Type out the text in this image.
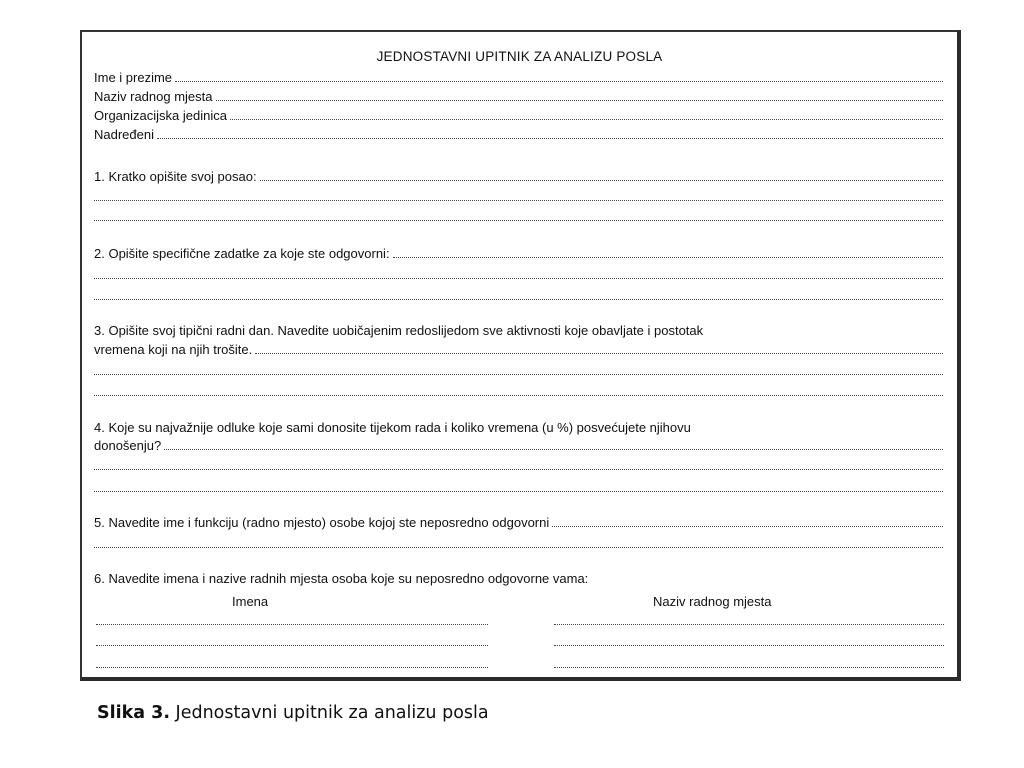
JEDNOSTAVNI UPITNIK ZA ANALIZU POSLA
Ime i prezime
Naziv radnog mjesta
Organizacijska jedinica
Nadređeni
1. Kratko opišite svoj posao:
2. Opišite specifične zadatke za koje ste odgovorni:
3. Opišite svoj tipični radni dan. Navedite uobičajenim redoslijedom sve aktivnosti koje obavljate i postotak
vremena koji na njih trošite.
4. Koje su najvažnije odluke koje sami donosite tijekom rada i koliko vremena (u %) posvećujete njihovu
donošenju?
5. Navedite ime i funkciju (radno mjesto) osobe kojoj ste neposredno odgovorni
6. Navedite imena i nazive radnih mjesta osoba koje su neposredno odgovorne vama:
Imena	Naziv radnog mjesta
Slika 3. Jednostavni upitnik za analizu posla
